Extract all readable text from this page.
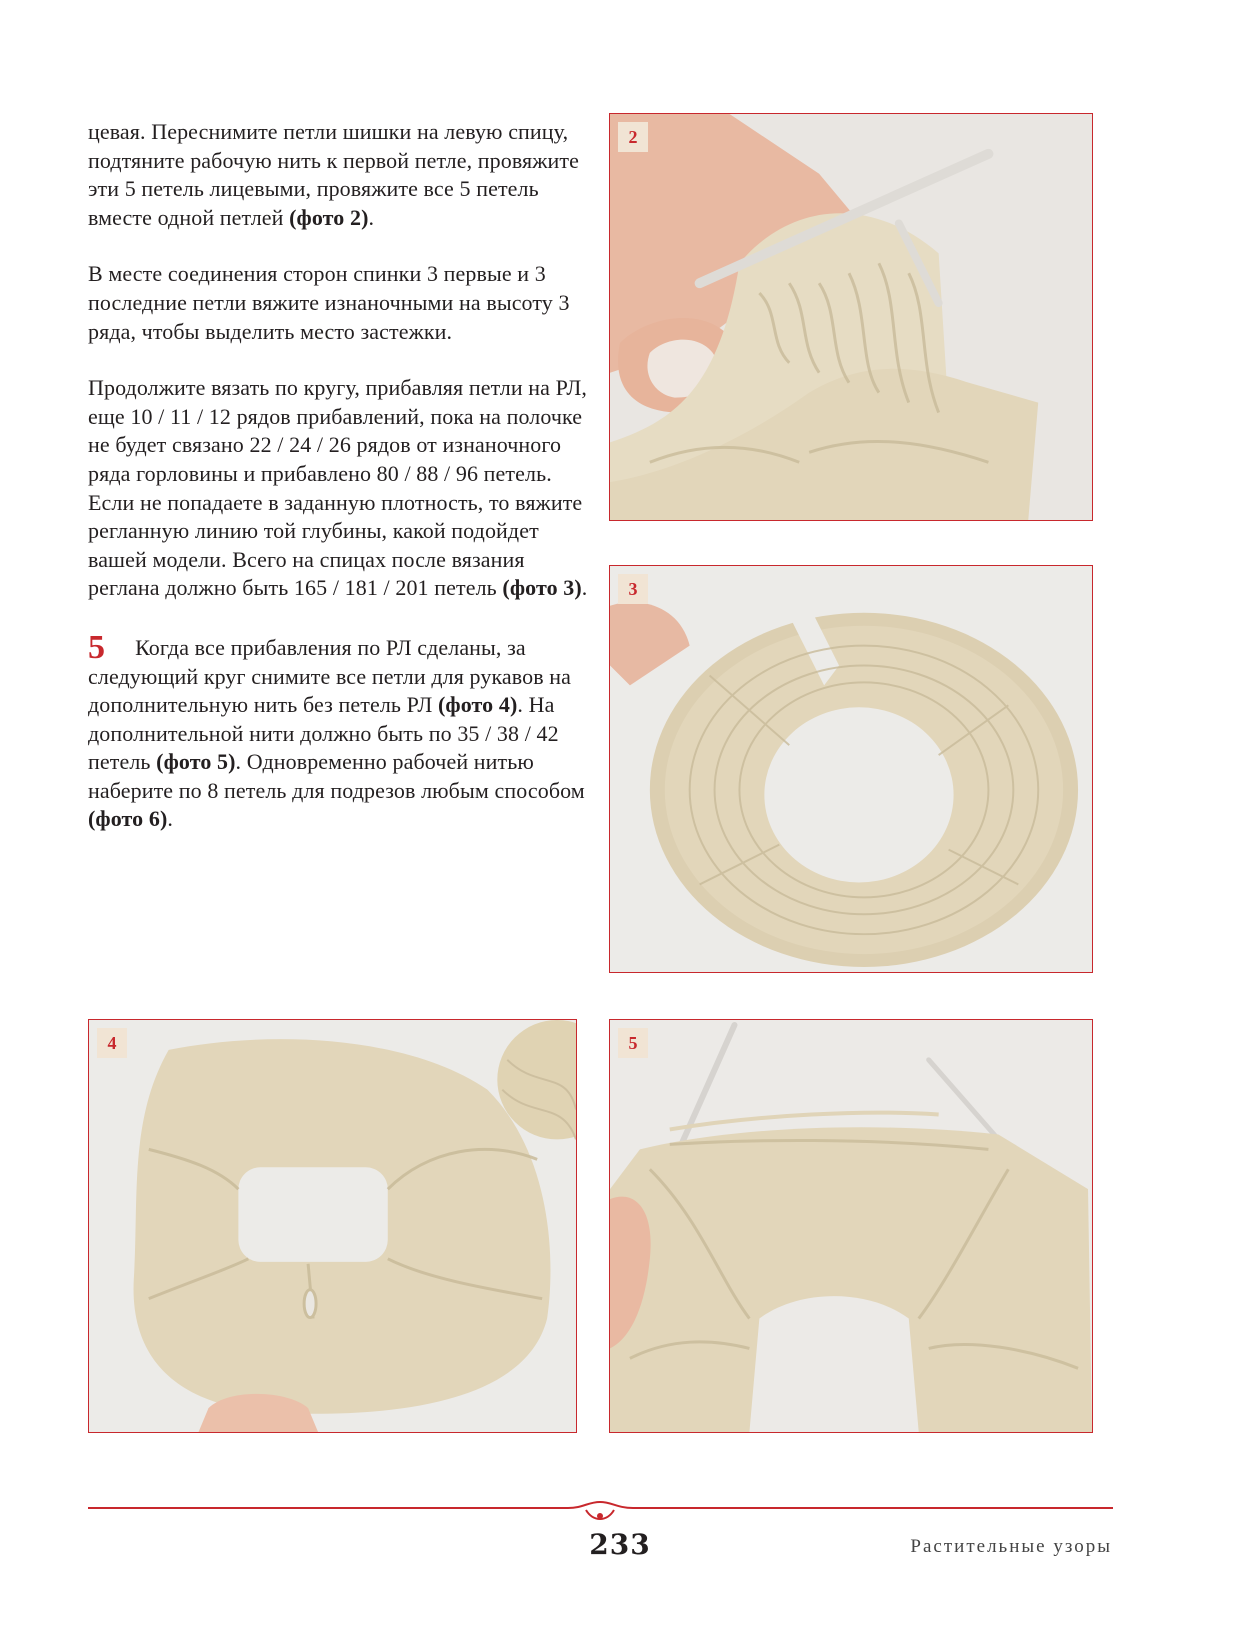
цевая. Переснимите петли шишки на левую спицу, подтяните рабочую нить к первой петле, провяжите эти 5 петель лицевыми, провяжите все 5 петель вместе одной петлей (фото 2).

В месте соединения сторон спинки 3 первые и 3 последние петли вяжите изнаночными на высоту 3 ряда, чтобы выделить место застежки.

Продолжите вязать по кругу, прибавляя петли на РЛ, еще 10 / 11 / 12 рядов прибавлений, пока на полочке не будет связано 22 / 24 / 26 рядов от изнаночного ряда горловины и прибавлено 80 / 88 / 96 петель. Если не попадаете в заданную плотность, то вяжите регланную линию той глубины, какой подойдет вашей модели. Всего на спицах после вязания реглана должно быть 165 / 181 / 201 петель (фото 3).

5 Когда все прибавления по РЛ сделаны, за следующий круг снимите все петли для рукавов на дополнительную нить без петель РЛ (фото 4). На дополнительной нити должно быть по 35 / 38 / 42 петель (фото 5). Одновременно рабочей нитью наберите по 8 петель для подрезов любым способом (фото 6).

2
3
4	5
233	Растительные узоры
